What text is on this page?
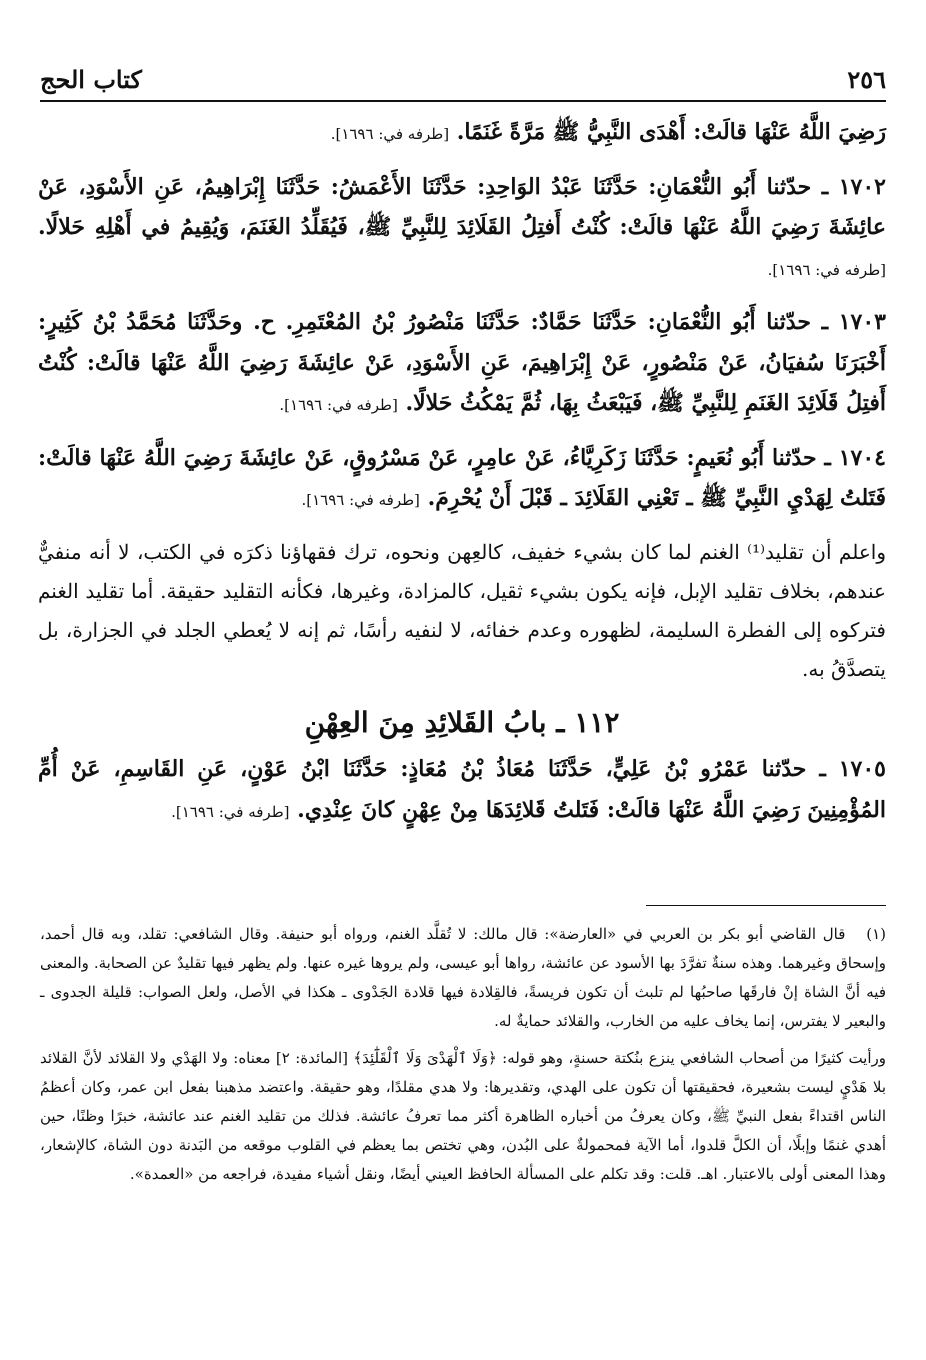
٢٥٦
كتاب الحج
رَضِيَ اللَّهُ عَنْهَا قالَتْ: أَهْدَى النَّبِيُّ ﷺ مَرَّةً غَنَمًا. [طرفه في: ١٦٩٦].
١٧٠٢ ـ حدّثنا أَبُو النُّعْمَانِ: حَدَّثَنَا عَبْدُ الوَاحِدِ: حَدَّثَنَا الأَعْمَشُ: حَدَّثَنَا إِبْرَاهِيمُ، عَنِ الأَسْوَدِ، عَنْ عائِشَةَ رَضِيَ اللَّهُ عَنْهَا قالَتْ: كُنْتُ أَفتِلُ القَلَائِدَ لِلنَّبِيِّ ﷺ، فَيُقَلِّدُ الغَنَمَ، وَيُقِيمُ في أَهْلِهِ حَلالًا. [طرفه في: ١٦٩٦].
١٧٠٣ ـ حدّثنا أَبُو النُّعْمَانِ: حَدَّثَنَا حَمَّادٌ: حَدَّثَنَا مَنْصُورُ بْنُ المُعْتَمِرِ. ح. وحَدَّثَنَا مُحَمَّدُ بْنُ كَثِيرٍ: أَخْبَرَنَا سُفيَانُ، عَنْ مَنْصُورٍ، عَنْ إِبْرَاهِيمَ، عَنِ الأَسْوَدِ، عَنْ عائِشَةَ رَضِيَ اللَّهُ عَنْهَا قالَتْ: كُنْتُ أَفتِلُ قَلَائِدَ الغَنَمِ لِلنَّبِيِّ ﷺ، فَيَبْعَثُ بِهَا، ثُمَّ يَمْكُثُ حَلالًا. [طرفه في: ١٦٩٦].
١٧٠٤ ـ حدّثنا أَبُو نُعَيمٍ: حَدَّثَنَا زَكَرِيَّاءُ، عَنْ عامِرٍ، عَنْ مَسْرُوقٍ، عَنْ عائِشَةَ رَضِيَ اللَّهُ عَنْهَا قالَتْ: فَتَلتُ لِهَدْيِ النَّبِيِّ ﷺ ـ تَعْنِي القَلَائِدَ ـ قَبْلَ أَنْ يُحْرِمَ. [طرفه في: ١٦٩٦].
واعلم أن تقليد⁽¹⁾ الغنم لما كان بشيء خفيف، كالعِهن ونحوه، ترك فقهاؤنا ذكرَه في الكتب، لا أنه منفيٌّ عندهم، بخلاف تقليد الإبل، فإنه يكون بشيء ثقيل، كالمزادة، وغيرها، فكأنه التقليد حقيقة. أما تقليد الغنم فتركوه إلى الفطرة السليمة، لظهوره وعدم خفائه، لا لنفيه رأسًا، ثم إنه لا يُعطي الجلد في الجزارة، بل يتصدَّقُ به.
١١٢ ـ بابُ القَلائِدِ مِنَ العِهْنِ
١٧٠٥ ـ حدّثنا عَمْرُو بْنُ عَلِيٍّ، حَدَّثَنَا مُعَاذُ بْنُ مُعَاذٍ: حَدَّثَنَا ابْنُ عَوْنٍ، عَنِ القَاسِمِ، عَنْ أُمِّ المُؤْمِنِينَ رَضِيَ اللَّهُ عَنْهَا قالَتْ: فَتَلتُ قَلائِدَهَا مِنْ عِهْنٍ كانَ عِنْدِي. [طرفه في: ١٦٩٦].
(١) قال القاضي أبو بكر بن العربي في «العارضة»: قال مالك: لا تُقلَّد الغنم، ورواه أبو حنيفة. وقال الشافعي: تقلد، وبه قال أحمد، وإسحاق وغيرهما. وهذه سنةٌ تفرَّدَ بها الأسود عن عائشة، رواها أبو عيسى، ولم يروها غيره عنها. ولم يظهر فيها تقليدٌ عن الصحابة. والمعنى فيه أنَّ الشاة إنْ فارقَها صاحبُها لم تلبث أن تكون فريسةً، فالقِلادة فيها قلادة الجَدْوى ـ هكذا في الأصل، ولعل الصواب: قليلة الجدوى ـ والبعير لا يفترس، إنما يخاف عليه من الخارب، والقلائد حمايةٌ له.
ورأيت كثيرًا من أصحاب الشافعي ينزع بنُكتة حسنةٍ، وهو قوله: ﴿وَلَا ٱلْهَدْىَ وَلَا ٱلْقَلَٰٓئِدَ﴾ [المائدة: ٢] معناه: ولا الهَدْي ولا القلائد لأنَّ القلائد بلا هَدْيٍ ليست بشعيرة، فحقيقتها أن تكون على الهدي، وتقديرها: ولا هدي مقلدًا، وهو حقيقة. واعتضد مذهبنا بفعل ابن عمر، وكان أعظمُ الناس اقتداءً بفعل النبيِّ ﷺ، وكان يعرفُ من أخباره الظاهرة أكثر مما تعرفُ عائشة. فذلك من تقليد الغنم عند عائشة، خبرًا وظنًا، حين أهدي غنمًا وإبلًا، أن الكلَّ قلدوا، أما الآية فمحمولةٌ على البُدن، وهي تختص بما يعظم في القلوب موقعه من البَدنة دون الشاة، كالإشعار، وهذا المعنى أولى بالاعتبار. اهـ. قلت: وقد تكلم على المسألة الحافظ العيني أيضًا، ونقل أشياء مفيدة، فراجعه من «العمدة».
